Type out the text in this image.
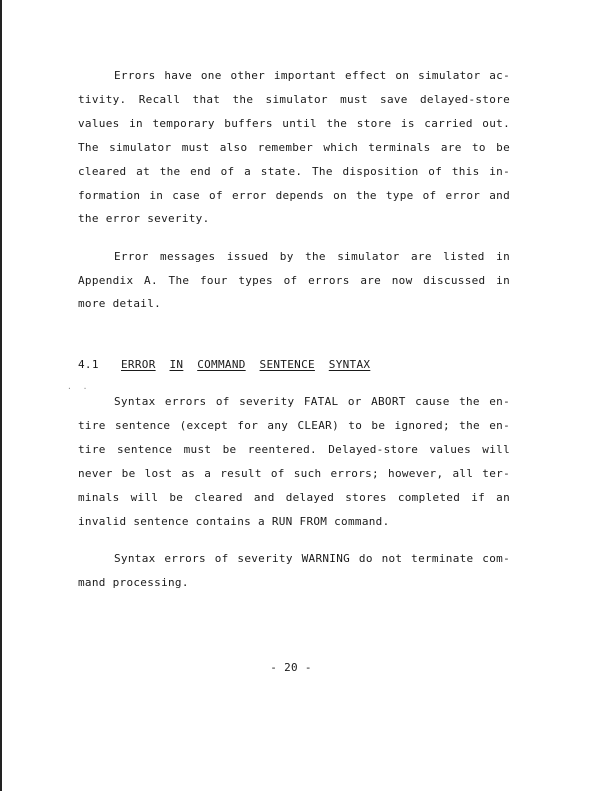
Errors have one other important effect on simulator ac-
tivity. Recall that the simulator must save delayed-store
values in temporary buffers until the store is carried out.
The simulator must also remember which terminals are to be
cleared at the end of a state. The disposition of this in-
formation in case of error depends on the type of error and
the error severity.
Error messages issued by the simulator are listed in
Appendix A. The four types of errors are now discussed in
more detail.
4.1 ERROR IN COMMAND SENTENCE SYNTAX
. .
Syntax errors of severity FATAL or ABORT cause the en-
tire sentence (except for any CLEAR) to be ignored; the en-
tire sentence must be reentered. Delayed-store values will
never be lost as a result of such errors; however, all ter-
minals will be cleared and delayed stores completed if an
invalid sentence contains a RUN FROM command.
Syntax errors of severity WARNING do not terminate com-
mand processing.
- 20 -
